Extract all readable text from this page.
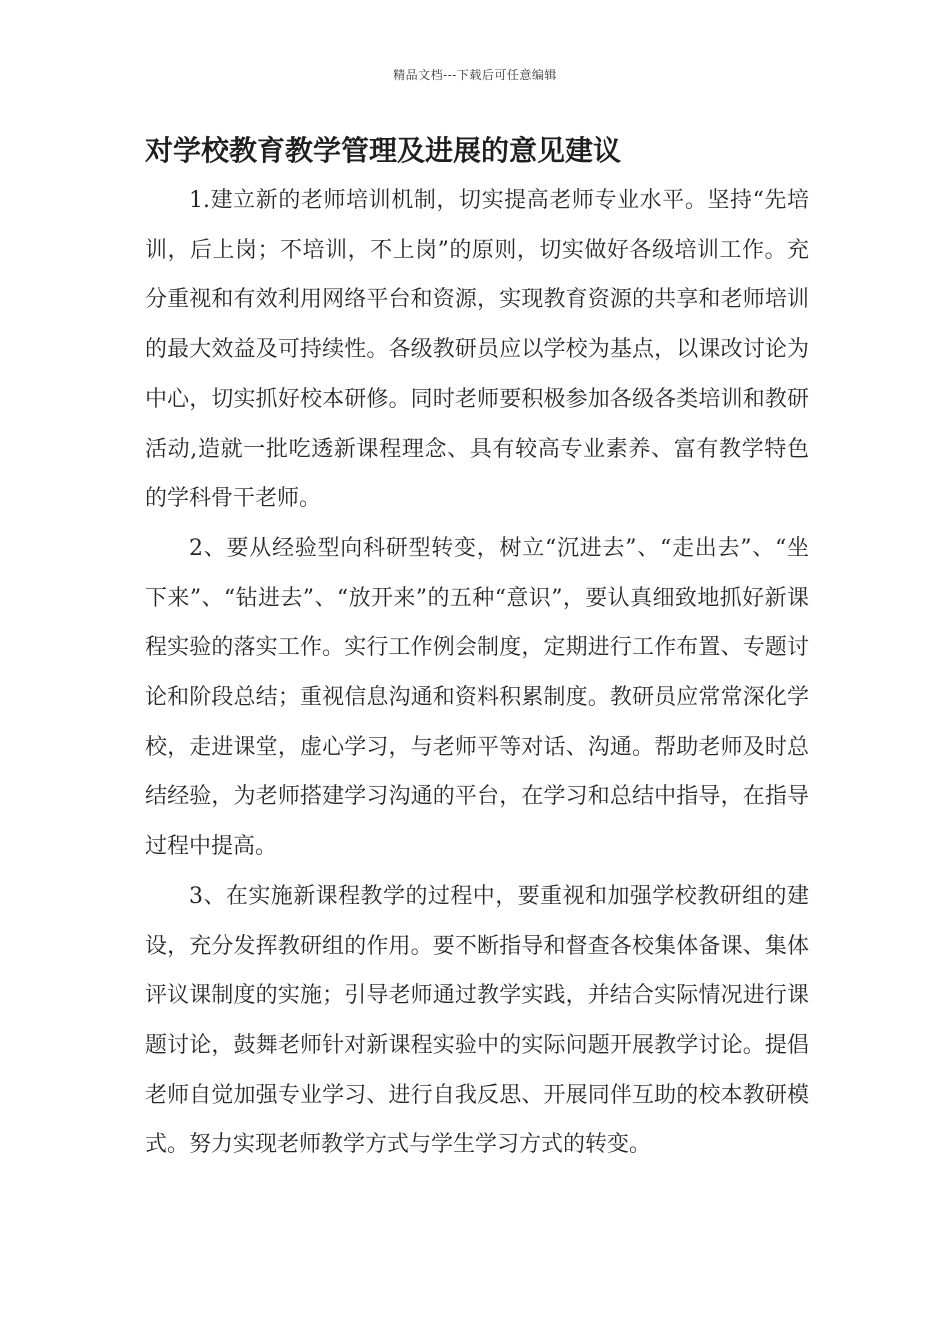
精品文档---下载后可任意编辑
对学校教育教学管理及进展的意见建议

1.建立新的老师培训机制，切实提高老师专业水平。坚持“先培训，后上岗；不培训，不上岗”的原则，切实做好各级培训工作。充分重视和有效利用网络平台和资源，实现教育资源的共享和老师培训的最大效益及可持续性。各级教研员应以学校为基点，以课改讨论为中心，切实抓好校本研修。同时老师要积极参加各级各类培训和教研活动,造就一批吃透新课程理念、具有较高专业素养、富有教学特色的学科骨干老师。

2、要从经验型向科研型转变，树立“沉进去”、“走出去”、“坐下来”、“钻进去”、“放开来”的五种“意识”，要认真细致地抓好新课程实验的落实工作。实行工作例会制度，定期进行工作布置、专题讨论和阶段总结；重视信息沟通和资料积累制度。教研员应常常深化学校，走进课堂，虚心学习，与老师平等对话、沟通。帮助老师及时总结经验，为老师搭建学习沟通的平台，在学习和总结中指导，在指导过程中提高。

3、在实施新课程教学的过程中，要重视和加强学校教研组的建设，充分发挥教研组的作用。要不断指导和督查各校集体备课、集体评议课制度的实施；引导老师通过教学实践，并结合实际情况进行课题讨论，鼓舞老师针对新课程实验中的实际问题开展教学讨论。提倡老师自觉加强专业学习、进行自我反思、开展同伴互助的校本教研模式。努力实现老师教学方式与学生学习方式的转变。
